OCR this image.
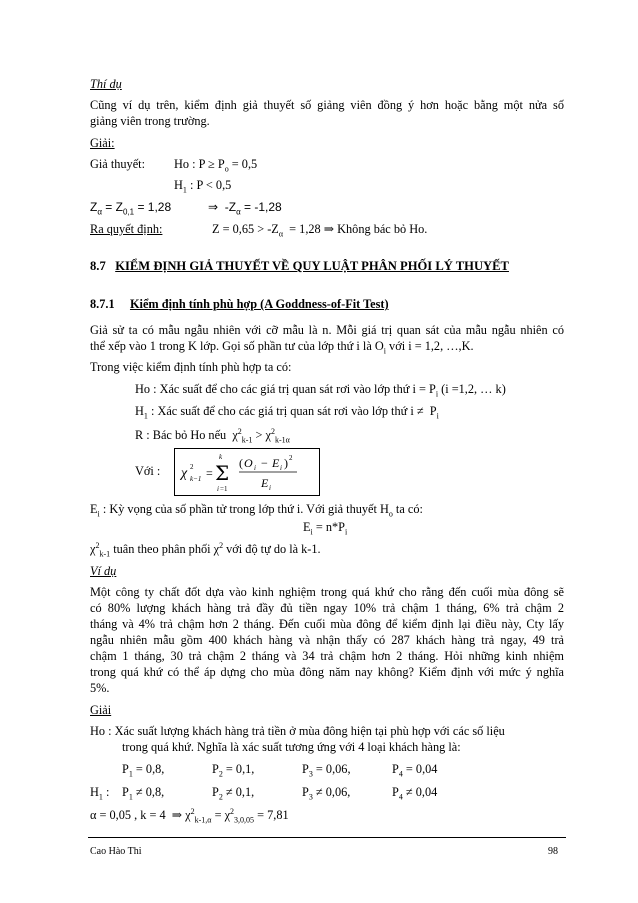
Thí dụ
Cũng ví dụ trên, kiểm định giả thuyết số giảng viên đồng ý hơn hoặc bằng một nửa số
giảng viên trong trường.
Giải:
Giả thuyết: Ho : $P \ge P_o = 0,5$
$H_1$ : P < 0,5
$Z_\alpha = Z_{0,1} = 1,28$	⇒  $-Z_\alpha = -1,28$
Ra quyết định:	$Z = 0,65 > -Z_\alpha = 1,28$ ⇒ Không bác bỏ Ho.
8.7 KIỂM ĐỊNH GIẢ THUYẾT VỀ QUY LUẬT PHÂN PHỐI LÝ THUYẾT
8.7.1 Kiểm định tính phù hợp (A Goddness-of-Fit Test)
Giả sử ta có mẫu ngẫu nhiên với cỡ mẫu là n. Mỗi giá trị quan sát của mẫu ngẫu nhiên có
thể xếp vào 1 trong K lớp. Gọi số phần tư của lớp thứ i là $O_i$ với i = 1,2, …,K.
Trong việc kiểm định tính phù hợp ta có:
Ho : Xác suất để cho các giá trị quan sát rơi vào lớp thứ $i = P_i$ (i =1,2, … k)
$H_1$ : Xác suất để cho các giá trị quan sát rơi vào lớp thứ $i \ne P_i$
R : Bác bỏ Ho nếu  $\chi^2_{k-1} > \chi^2_{k-1\alpha}$
Với : χ 2
k−1 =
k
Σ
i =1
( O i − E i ) 2
E i
$E_i$ : Kỳ vọng của số phần tử trong lớp thứ i. Với giả thuyết $H_o$ ta có:
$E_i = n*P_i$
$\chi^2_{k-1}$ tuân theo phân phối $\chi^2$ với độ tự do là k-1.
Ví dụ
Một công ty chất đốt dựa vào kinh nghiệm trong quá khứ cho rằng đến cuối mùa đông sẽ
có 80% lượng khách hàng trả đầy đủ tiền ngay 10% trả chậm 1 tháng, 6% trả chậm 2
tháng và 4% trả chậm hơn 2 tháng. Đến cuối mùa đông để kiểm định lại điều này, Cty lấy
ngẫu nhiên mẫu gồm 400 khách hàng và nhận thấy có 287 khách hàng trả ngay, 49 trả
chậm 1 tháng, 30 trả chậm 2 tháng và 34 trả chậm hơn 2 tháng. Hỏi những kinh nhiệm
trong quá khứ có thể áp dựng cho mùa đông năm nay không? Kiểm định với mức ý nghĩa
5%.
Giải
Ho : Xác suất lượng khách hàng trả tiền ở mùa đông hiện tại phù hợp với các số liệu
trong quá khứ. Nghĩa là xác suất tương ứng với 4 loại khách hàng là:
$P_1 = 0,8$,	$P_2 = 0,1$,	$P_3 = 0,06$,	$P_4 = 0,04$
$H_1$ : $P_1 \ne 0,8$,	$P_2 \ne 0,1$,	$P_3 \ne 0,06$,	$P_4 \ne 0,04$
α = 0,05 , k = 4  ⇒ $\chi^2_{k-1,\alpha} = \chi^2_{3,0,05} = 7,81$
Cao Hào Thi	98
